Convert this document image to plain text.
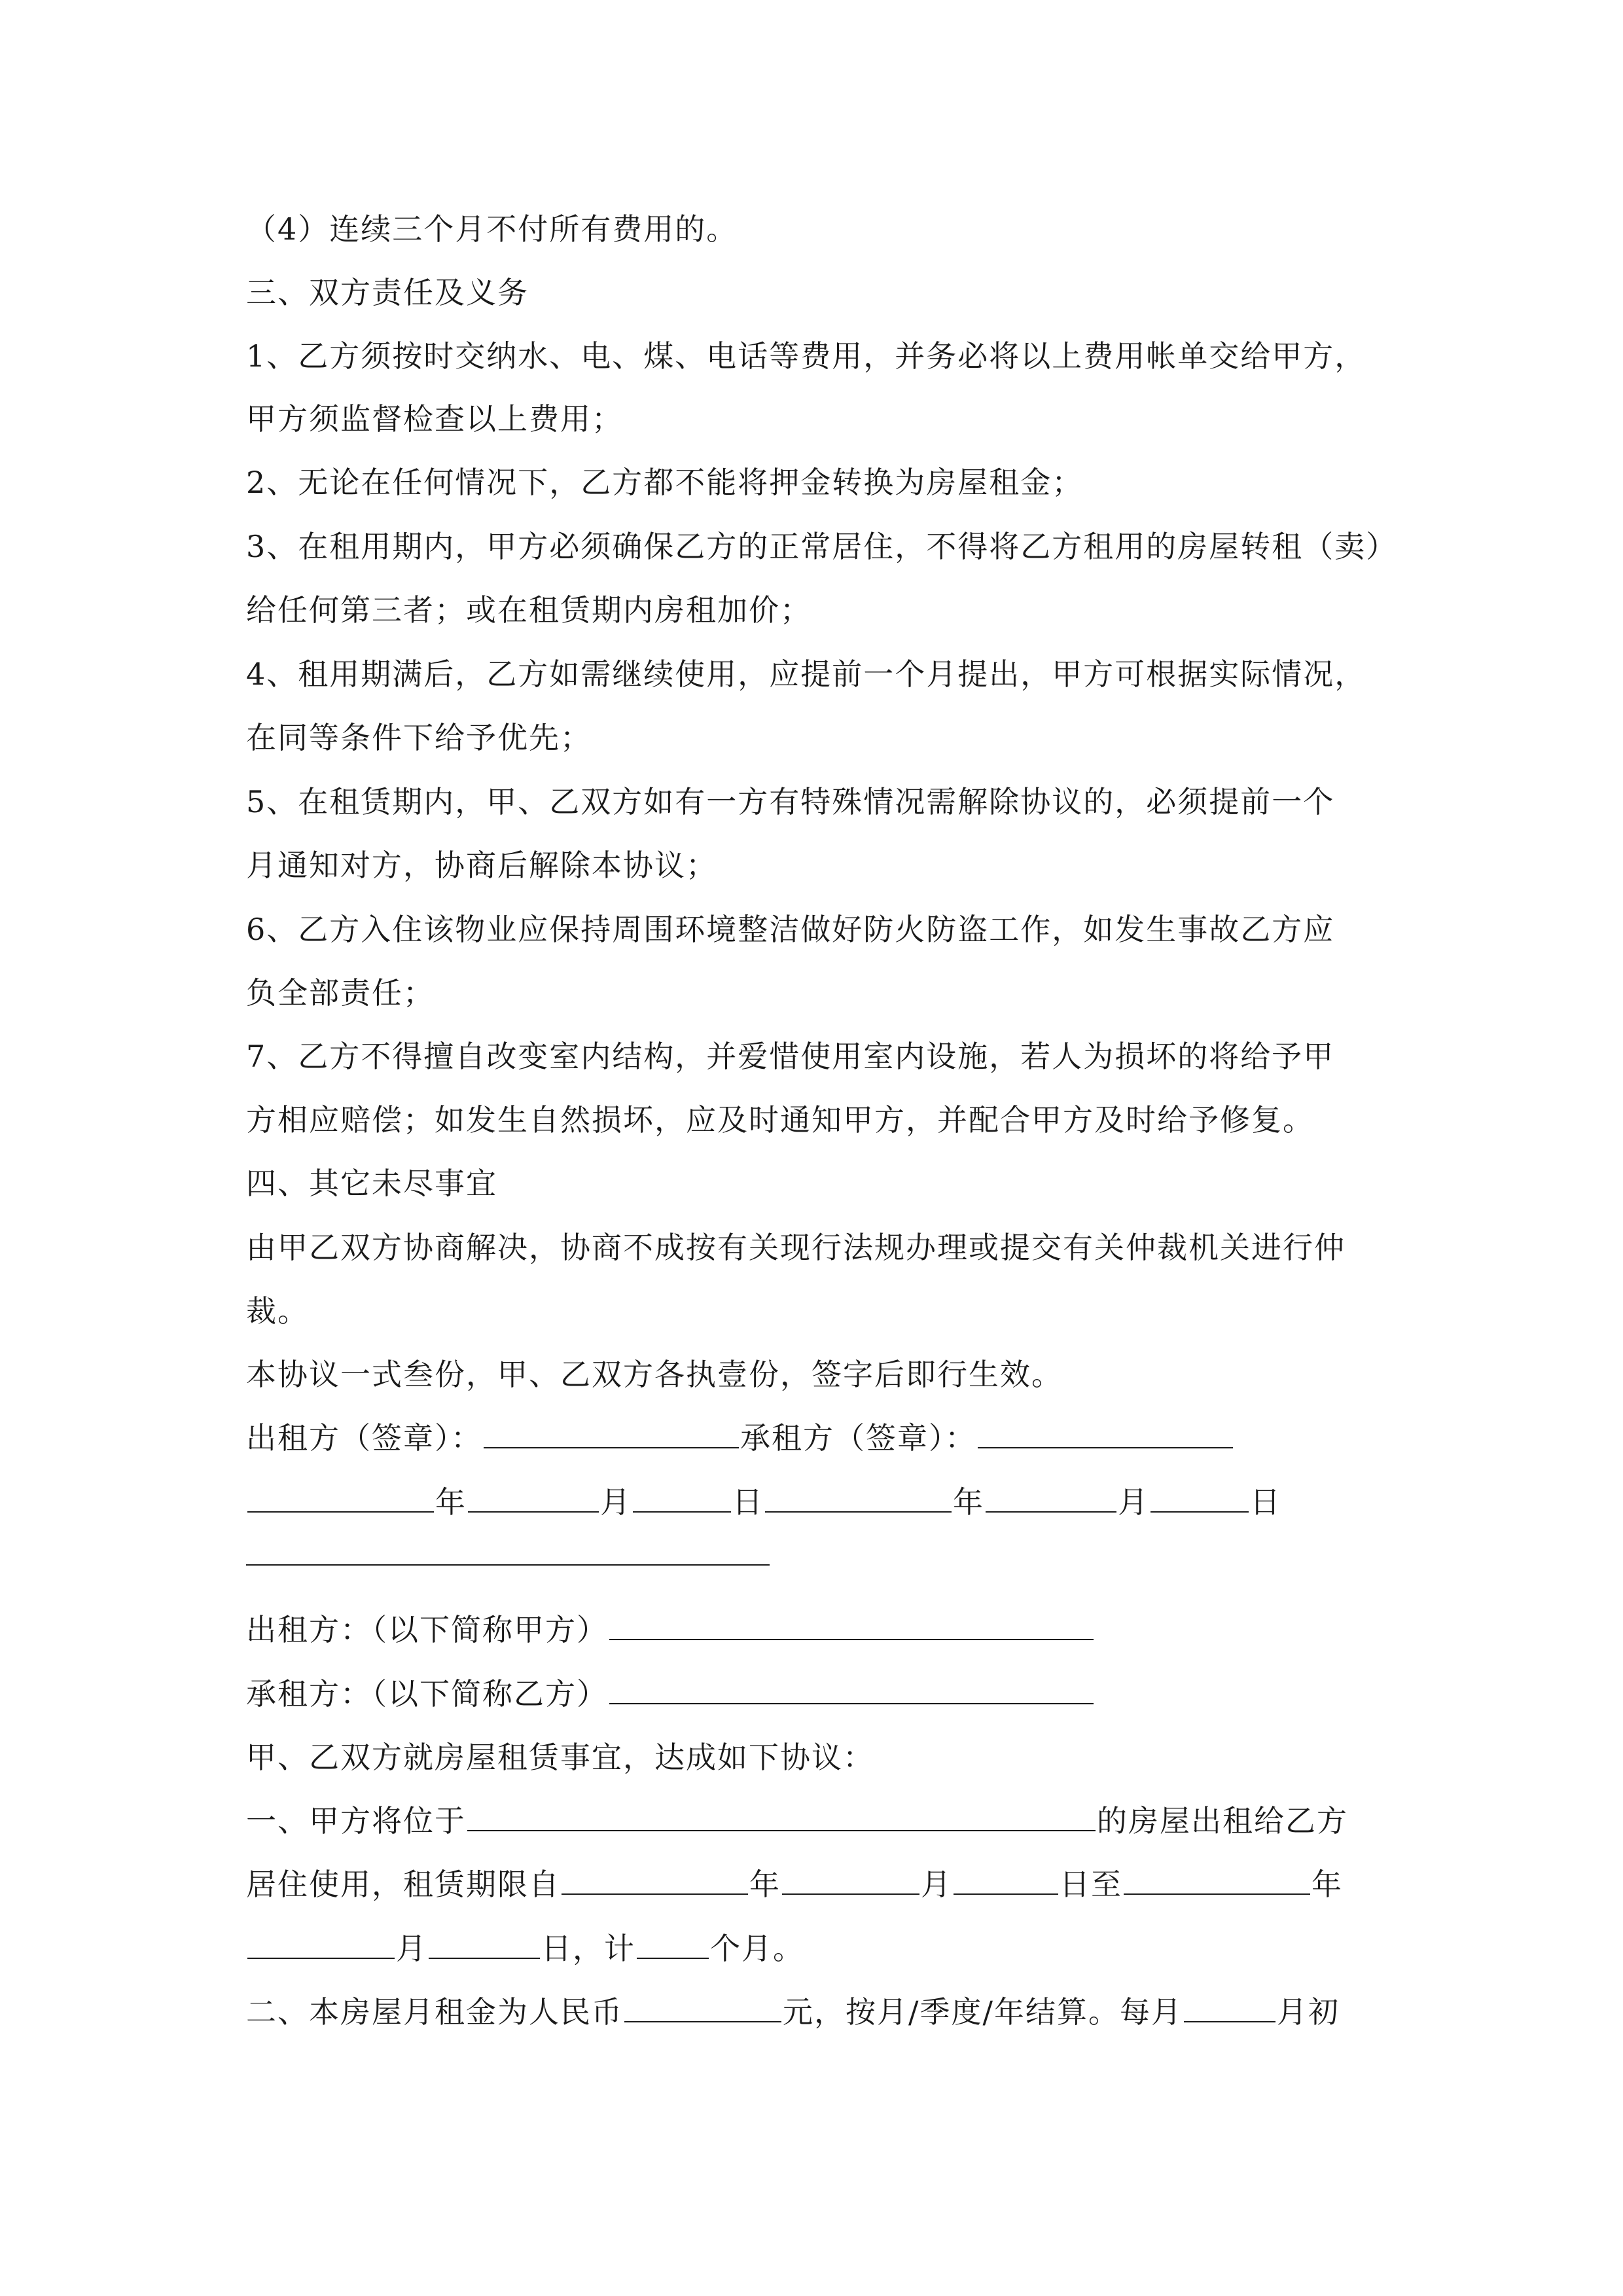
（4）连续三个月不付所有费用的。
三、双方责任及义务
1、乙方须按时交纳水、电、煤、电话等费用，并务必将以上费用帐单交给甲方，
甲方须监督检查以上费用；
2、无论在任何情况下，乙方都不能将押金转换为房屋租金；
3、在租用期内，甲方必须确保乙方的正常居住，不得将乙方租用的房屋转租（卖）
给任何第三者；或在租赁期内房租加价；
4、租用期满后，乙方如需继续使用，应提前一个月提出，甲方可根据实际情况，
在同等条件下给予优先；
5、在租赁期内，甲、乙双方如有一方有特殊情况需解除协议的，必须提前一个
月通知对方，协商后解除本协议；
6、乙方入住该物业应保持周围环境整洁做好防火防盗工作，如发生事故乙方应
负全部责任；
7、乙方不得擅自改变室内结构，并爱惜使用室内设施，若人为损坏的将给予甲
方相应赔偿；如发生自然损坏，应及时通知甲方，并配合甲方及时给予修复。
四、其它未尽事宜
由甲乙双方协商解决，协商不成按有关现行法规办理或提交有关仲裁机关进行仲
裁。
本协议一式叁份，甲、乙双方各执壹份，签字后即行生效。
出租方（签章）：	承租方（签章）：
年	月	日	年	月	日
出租方：（以下简称甲方）
承租方：（以下简称乙方）
甲、乙双方就房屋租赁事宜，达成如下协议：
一、甲方将位于	的房屋出租给乙方
居住使用，租赁期限自	年	月	日至	年
月	日，计 个月。
二、本房屋月租金为人民币	元，按月/季度/年结算。每月	月初
